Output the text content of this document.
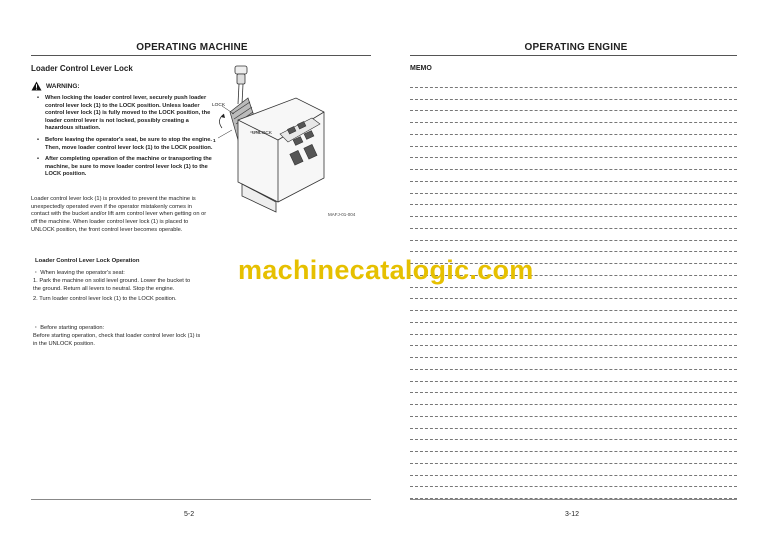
OPERATING MACHINE
Loader Control Lever Lock
WARNING:
• When locking the loader control lever, securely push loader control lever lock (1) to the LOCK position. Unless loader control lever lock (1) is fully moved to the LOCK position, the loader control lever is not locked, possibly creating a hazardous situation.
• Before leaving the operator's seat, be sure to stop the engine. Then, move loader control lever lock (1) to the LOCK position.
• After completing operation of the machine or transporting the machine, be sure to move loader control lever lock (1) to the LOCK position.

Loader control lever lock (1) is provided to prevent the machine is unexpectedly operated even if the operator mistakenly comes in contact with the bucket and/or lift arm control lever when getting on or off the machine. When loader control lever lock (1) is placed to UNLOCK position, the front control lever becomes operable.

LOCK
UNLOCK
1
MAFJ-01-004
Loader Control Lever Lock Operation
・ When leaving the operator's seat:
1. Park the machine on solid level ground. Lower the bucket to the ground. Return all levers to neutral. Stop the engine.
2. Turn loader control lever lock (1) to the LOCK position.
・ Before starting operation:

Before starting operation, check that loader control lever lock (1) is in the UNLOCK position.

5-2
OPERATING ENGINE
3-12
MEMO
machinecatalogic.com
